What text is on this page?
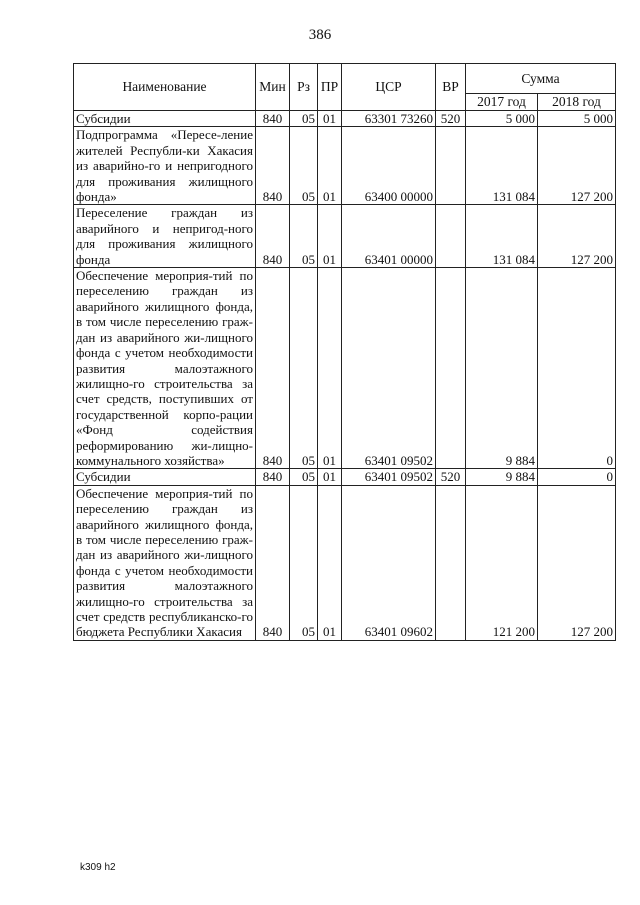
386
Наименование	Мин	Рз	ПР	ЦСР	ВР	Сумма	
						2017 год	2018 год
Субсидии	840	05	01	63301 73260	520	5 000	5 000
Подпрограмма «Пересе-ление жителей Республи-ки Хакасия из аварийно-го и непригодного для проживания жилищного фонда»	840	05	01	63400 00000		131 084	127 200
Переселение граждан из аварийного и непригод-ного для проживания жилищного фонда	840	05	01	63401 00000		131 084	127 200
Обеспечение мероприя-тий по переселению граждан из аварийного жилищного фонда, в том числе переселению граж-дан из аварийного жи-лищного фонда с учетом необходимости развития малоэтажного жилищно-го строительства за счет средств, поступивших от государственной корпо-рации «Фонд содействия реформированию жи-лищно-коммунального хозяйства»	840	05	01	63401 09502		9 884	0
Субсидии	840	05	01	63401 09502	520	9 884	0
Обеспечение мероприя-тий по переселению граждан из аварийного жилищного фонда, в том числе переселению граж-дан из аварийного жи-лищного фонда с учетом необходимости развития малоэтажного жилищно-го строительства за счет средств республиканско-го бюджета Республики Хакасия	840	05	01	63401 09602		121 200	127 200
k309 h2
